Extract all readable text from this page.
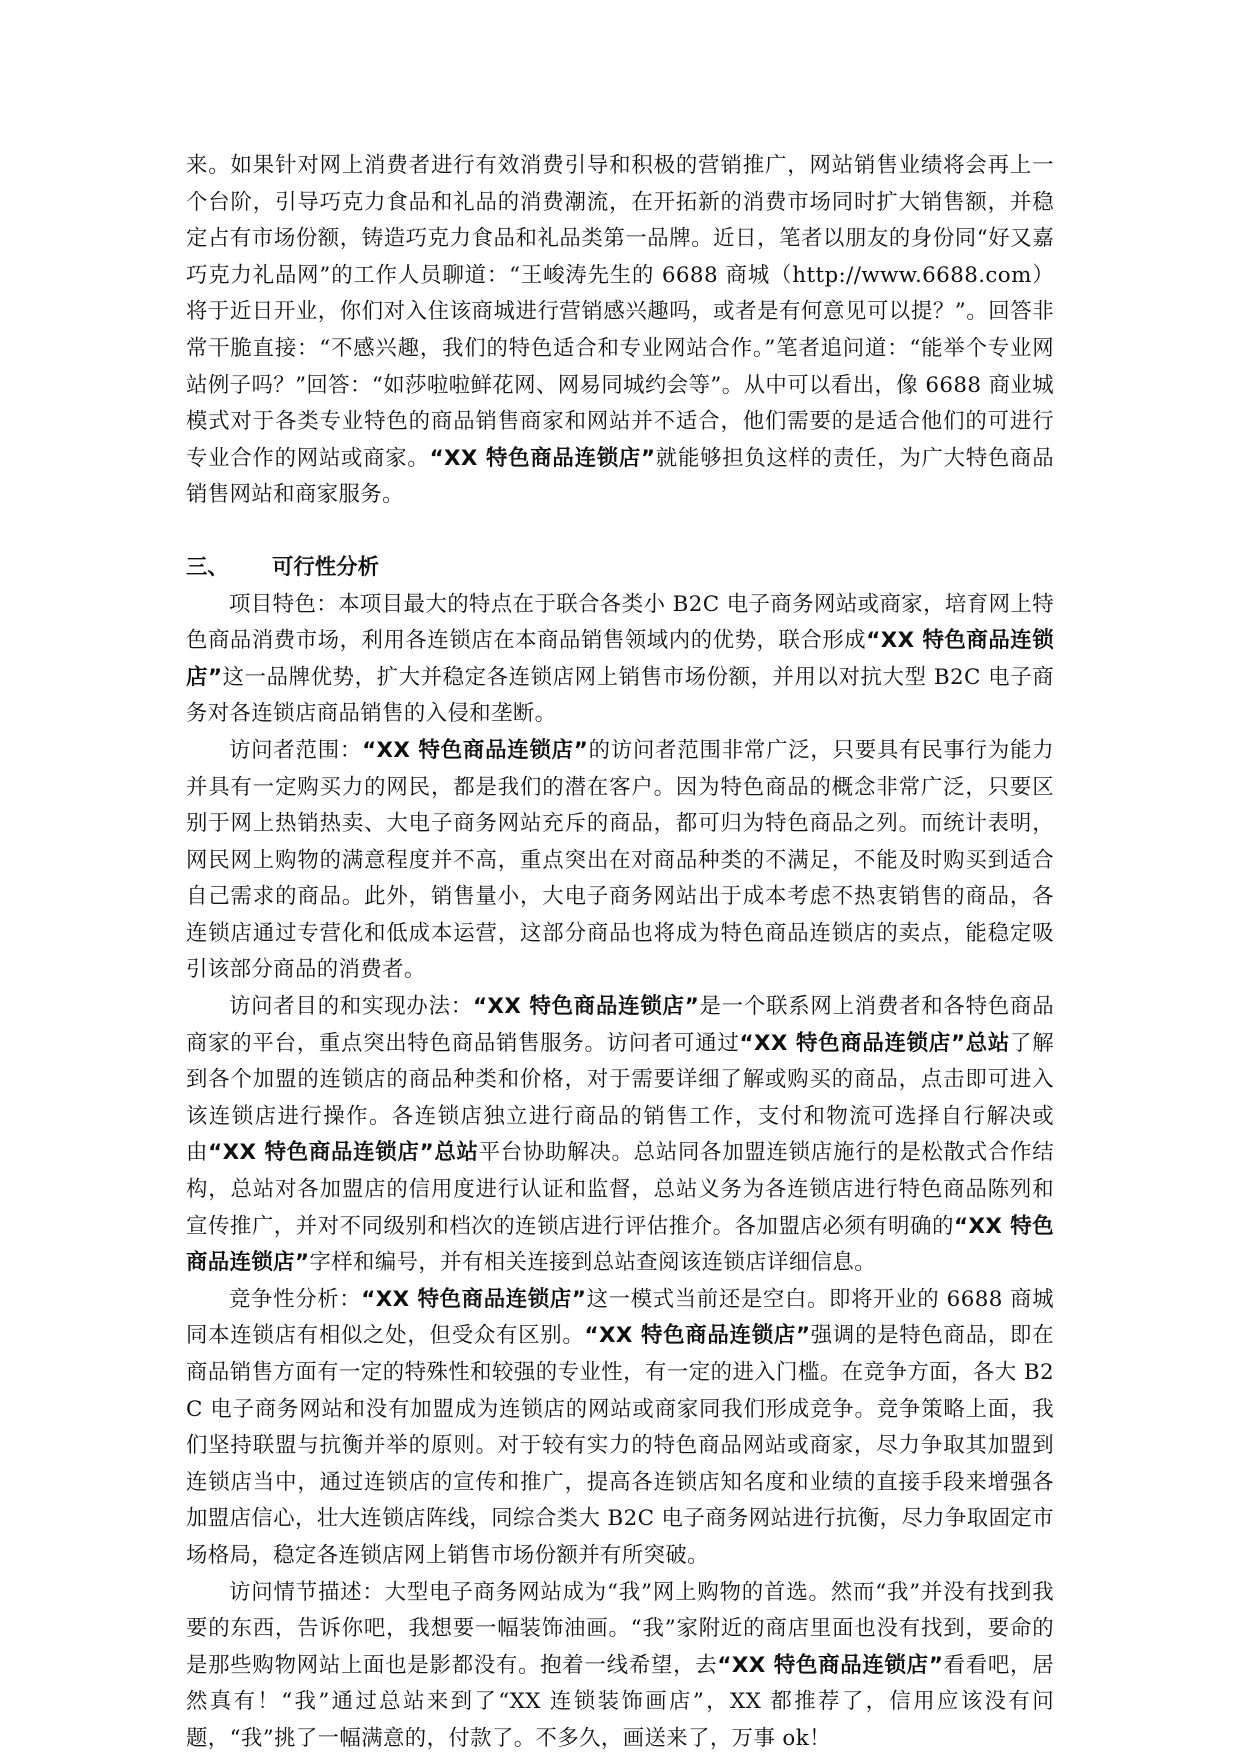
来。如果针对网上消费者进行有效消费引导和积极的营销推广，网站销售业绩将会再上一个台阶，引导巧克力食品和礼品的消费潮流，在开拓新的消费市场同时扩大销售额，并稳定占有市场份额，铸造巧克力食品和礼品类第一品牌。近日，笔者以朋友的身份同“好又嘉巧克力礼品网”的工作人员聊道：“王峻涛先生的 6688 商城（http://www.6688.com）将于近日开业，你们对入住该商城进行营销感兴趣吗，或者是有何意见可以提？”。回答非常干脆直接：“不感兴趣，我们的特色适合和专业网站合作。”笔者追问道：“能举个专业网站例子吗？”回答：“如莎啦啦鲜花网、网易同城约会等”。从中可以看出，像 6688 商业城模式对于各类专业特色的商品销售商家和网站并不适合，他们需要的是适合他们的可进行专业合作的网站或商家。“XX 特色商品连锁店”就能够担负这样的责任，为广大特色商品销售网站和商家服务。

三、	可行性分析

项目特色：本项目最大的特点在于联合各类小 B2C 电子商务网站或商家，培育网上特色商品消费市场，利用各连锁店在本商品销售领域内的优势，联合形成“XX 特色商品连锁店”这一品牌优势，扩大并稳定各连锁店网上销售市场份额，并用以对抗大型 B2C 电子商务对各连锁店商品销售的入侵和垄断。

访问者范围：“XX 特色商品连锁店”的访问者范围非常广泛，只要具有民事行为能力并具有一定购买力的网民，都是我们的潜在客户。因为特色商品的概念非常广泛，只要区别于网上热销热卖、大电子商务网站充斥的商品，都可归为特色商品之列。而统计表明，网民网上购物的满意程度并不高，重点突出在对商品种类的不满足，不能及时购买到适合自己需求的商品。此外，销售量小，大电子商务网站出于成本考虑不热衷销售的商品，各连锁店通过专营化和低成本运营，这部分商品也将成为特色商品连锁店的卖点，能稳定吸引该部分商品的消费者。

访问者目的和实现办法：“XX 特色商品连锁店”是一个联系网上消费者和各特色商品商家的平台，重点突出特色商品销售服务。访问者可通过“XX 特色商品连锁店”总站了解到各个加盟的连锁店的商品种类和价格，对于需要详细了解或购买的商品，点击即可进入该连锁店进行操作。各连锁店独立进行商品的销售工作，支付和物流可选择自行解决或由“XX 特色商品连锁店”总站平台协助解决。总站同各加盟连锁店施行的是松散式合作结构，总站对各加盟店的信用度进行认证和监督，总站义务为各连锁店进行特色商品陈列和宣传推广，并对不同级别和档次的连锁店进行评估推介。各加盟店必须有明确的“XX 特色商品连锁店”字样和编号，并有相关连接到总站查阅该连锁店详细信息。

竞争性分析：“XX 特色商品连锁店”这一模式当前还是空白。即将开业的 6688 商城同本连锁店有相似之处，但受众有区别。“XX 特色商品连锁店”强调的是特色商品，即在商品销售方面有一定的特殊性和较强的专业性，有一定的进入门槛。在竞争方面，各大 B2C 电子商务网站和没有加盟成为连锁店的网站或商家同我们形成竞争。竞争策略上面，我们坚持联盟与抗衡并举的原则。对于较有实力的特色商品网站或商家，尽力争取其加盟到连锁店当中，通过连锁店的宣传和推广，提高各连锁店知名度和业绩的直接手段来增强各加盟店信心，壮大连锁店阵线，同综合类大 B2C 电子商务网站进行抗衡，尽力争取固定市场格局，稳定各连锁店网上销售市场份额并有所突破。

访问情节描述：大型电子商务网站成为“我”网上购物的首选。然而“我”并没有找到我要的东西，告诉你吧，我想要一幅装饰油画。“我”家附近的商店里面也没有找到，要命的是那些购物网站上面也是影都没有。抱着一线希望，去“XX 特色商品连锁店”看看吧，居然真有！“我”通过总站来到了“XX 连锁装饰画店”，XX 都推荐了，信用应该没有问题，“我”挑了一幅满意的，付款了。不多久，画送来了，万事 ok！
